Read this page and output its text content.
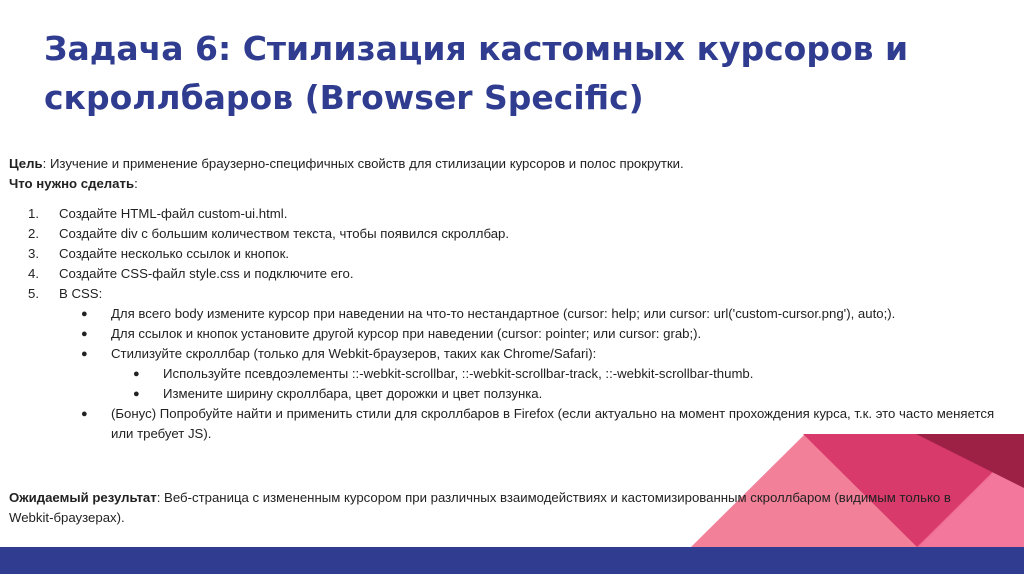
Задача 6: Стилизация кастомных курсоров и скроллбаров (Browser Specific)

Цель: Изучение и применение браузерно-специфичных свойств для стилизации курсоров и полос прокрутки.

Что нужно сделать:

1. Создайте HTML-файл custom-ui.html.
2. Создайте div с большим количеством текста, чтобы появился скроллбар.
3. Создайте несколько ссылок и кнопок.
4. Создайте CSS-файл style.css и подключите его.
5. В CSS:
● Для всего body измените курсор при наведении на что-то нестандартное (cursor: help; или cursor: url('custom-cursor.png'), auto;).
● Для ссылок и кнопок установите другой курсор при наведении (cursor: pointer; или cursor: grab;).
● Стилизуйте скроллбар (только для Webkit-браузеров, таких как Chrome/Safari):
● Используйте псевдоэлементы ::-webkit-scrollbar, ::-webkit-scrollbar-track, ::-webkit-scrollbar-thumb.
● Измените ширину скроллбара, цвет дорожки и цвет ползунка.
● (Бонус) Попробуйте найти и применить стили для скроллбаров в Firefox (если актуально на момент прохождения курса, т.к. это часто меняется или требует JS).

Ожидаемый результат: Веб-страница с измененным курсором при различных взаимодействиях и кастомизированным скроллбаром (видимым только в Webkit-браузерах).
